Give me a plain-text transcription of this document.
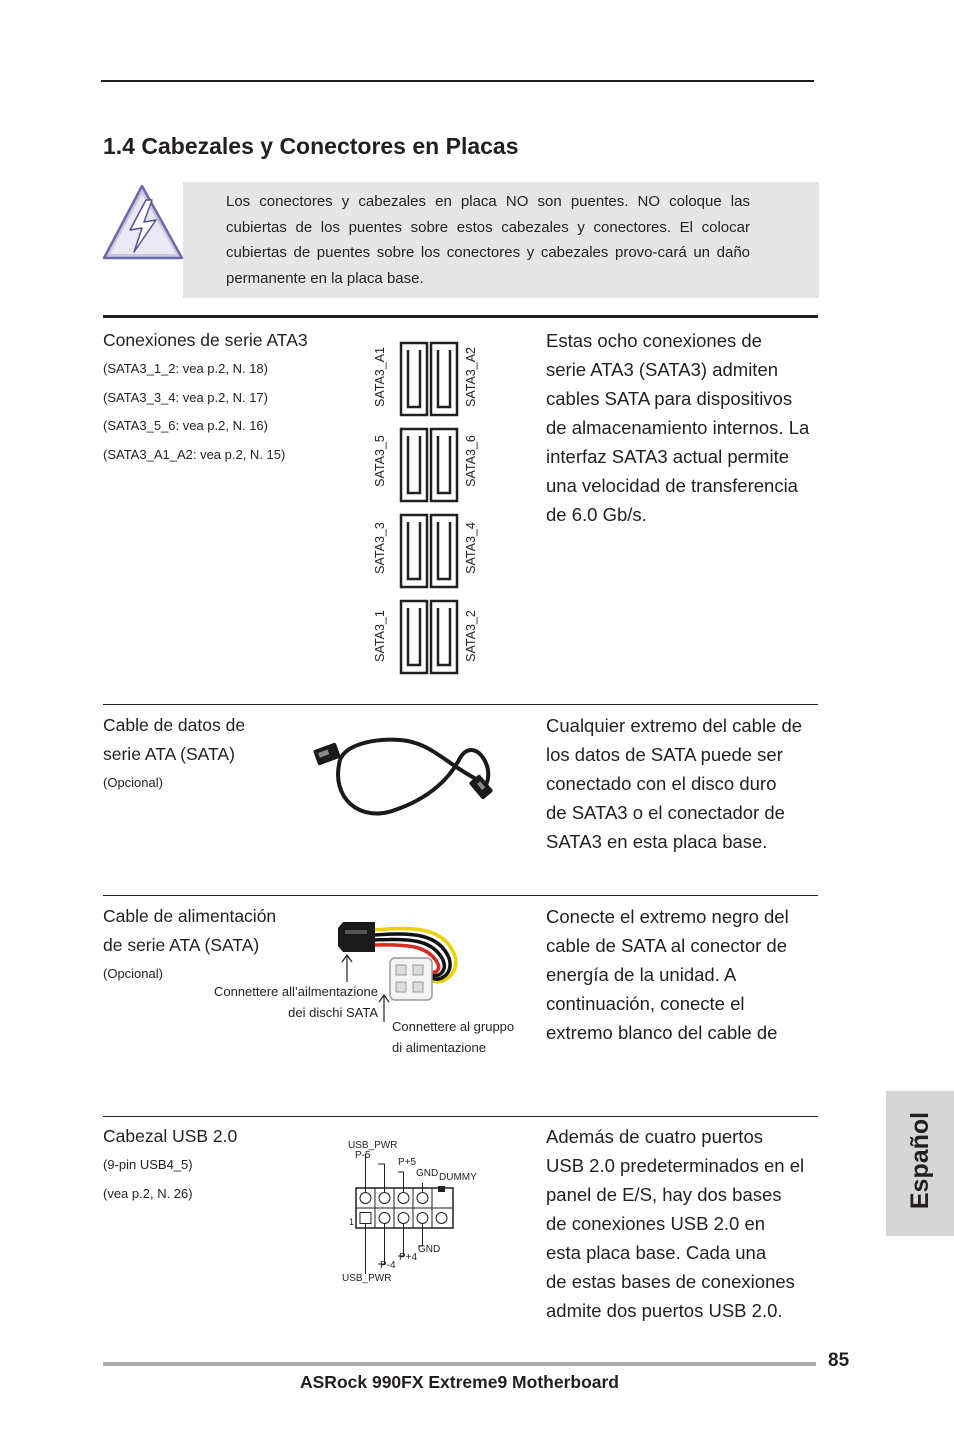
1.4 Cabezales y Conectores en Placas
Los conectores y cabezales en placa NO son puentes. NO coloque las cubiertas de los puentes sobre estos cabezales y conectores. El colocar cubiertas de puentes sobre los conectores y cabezales provo-cará un daño permanente en la placa base.
Conexiones de serie ATA3
(SATA3_1_2: vea p.2, N. 18)
(SATA3_3_4: vea p.2, N. 17)
(SATA3_5_6: vea p.2, N. 16)
(SATA3_A1_A2: vea p.2, N. 15)
SATA3_A1
SATA3_5
SATA3_3
SATA3_1
SATA3_A2
SATA3_6
SATA3_4
SATA3_2
Estas ocho conexiones de
serie ATA3 (SATA3) admiten
cables SATA para dispositivos
de almacenamiento internos. La
interfaz SATA3 actual permite
una velocidad de transferencia
de 6.0 Gb/s.
Cable de datos de
serie ATA (SATA)
(Opcional)
Cualquier extremo del cable de
los datos de SATA puede ser
conectado con el disco duro
de SATA3 o el conectador de
SATA3 en esta placa base.
Cable de alimentación
de serie ATA (SATA)
(Opcional)
Connettere all’ailmentazione
dei dischi SATA
Connettere al gruppo
di alimentazione
Conecte el extremo negro del
cable de SATA al conector de
energía de la unidad. A
continuación, conecte el
extremo blanco del cable de
Cabezal USB 2.0
(9-pin USB4_5)
(vea p.2, N. 26)
USB_PWR
P-5
P+5
GND DUMMY
1
GND
P+4
P-4
USB_PWR
Además de cuatro puertos
USB 2.0 predeterminados en el
panel de E/S, hay dos bases
de conexiones USB 2.0 en
esta placa base. Cada una
de estas bases de conexiones
admite dos puertos USB 2.0.
Español
85
ASRock 990FX Extreme9 Motherboard
